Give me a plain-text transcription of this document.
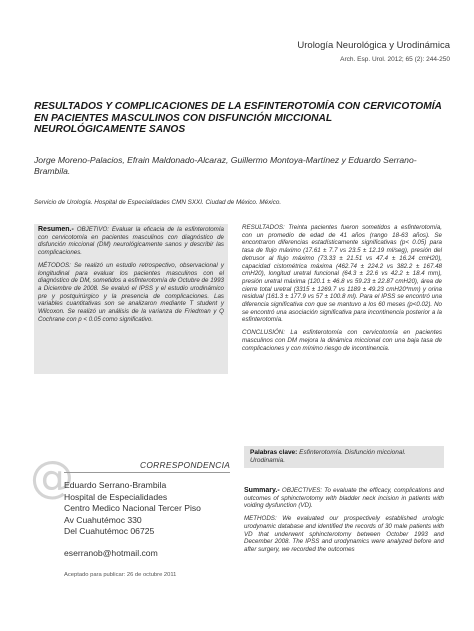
Urología Neurológica y Urodinámica
Arch. Esp. Urol. 2012; 65 (2): 244-250
RESULTADOS Y COMPLICACIONES DE LA ESFINTEROTOMÍA CON CERVICOTOMÍA EN PACIENTES MASCULINOS CON DISFUNCIÓN MICCIONAL NEUROLÓGICAMENTE SANOS
Jorge Moreno-Palacios, Efrain Maldonado-Alcaraz, Guillermo Montoya-Martínez y Eduardo Serrano-Brambila.
Servicio de Urología. Hospital de Especialidades CMN SXXI. Ciudad de México. México.

Resumen.- OBJETIVO: Evaluar la eficacia de la esfinterotomía con cervicotomía en pacientes masculinos con diagnóstico de disfunción miccional (DM) neurológicamente sanos y describir las complicaciones.

MÉTODOS: Se realizó un estudio retrospectivo, observacional y longitudinal para evaluar los pacientes masculinos con el diagnóstico de DM, sometidos a esfinterotomía de Octubre de 1993 a Diciembre de 2008. Se evaluó el IPSS y el estudio urodinámico pre y postquirúrgico y la presencia de complicaciones. Las variables cuantitativas son se analizaron mediante T student y Wilcoxon. Se realizó un análisis de la varianza de Friedman y Q Cochrane con p < 0.05 como significativo.

RESULTADOS: Treinta pacientes fueron sometidos a esfinterotomía, con un promedio de edad de 41 años (rango 18-63 años). Se encontraron diferencias estadísticamente significativas (p< 0.05) para tasa de flujo máximo (17.61 ± 7.7 vs 23.5 ± 12.19 ml/seg), presión del detrusor al flujo máximo (73.33 ± 21.51 vs 47.4 ± 16.24 cmH20), capacidad cistométrica máxima (462.74 ± 224.2 vs 382.2 ± 167.48 cmH20), longitud uretral funcional (64.3 ± 22.6 vs 42.2 ± 18.4 mm), presión uretral máxima (120.1 ± 46.8 vs 59.23 ± 22.87 cmH20), área de cierre total uretral (3315 ± 1269.7 vs 1189 ± 49.23 cmH20*mm) y orina residual (161.3 ± 177.9 vs 57 ± 100.8 ml). Para el IPSS se encontró una diferencia significativa con que se mantuvo a los 60 meses (p<0.02). No se encontró una asociación significativa para incontinencia posterior a la esfinterotomía.

CONCLUSIÓN: La esfinterotomía con cervicotomía en pacientes masculinos con DM mejora la dinámica miccional con una baja tasa de complicaciones y con mínimo riesgo de incontinencia.

@	CORRESPONDENCIA
Eduardo Serrano-Brambila
Hospital de Especialidades
Centro Medico Nacional Tercer Piso
Av Cuahutémoc 330
Del Cuahutémoc 06725
eserranob@hotmail.com
Aceptado para publicar: 26 de octubre 2011
Palabras clave: Esfinterotomía. Disfunción miccional. Urodinamia.

Summary.- OBJECTIVES: To evaluate the efficacy, complications and outcomes of sphincterotomy with bladder neck incision in patients with voiding dysfunction (VD).

METHODS: We evaluated our prospectively established urologic urodynamic database and identified the records of 30 male patients with VD that underwent sphincterotomy between October 1993 and December 2008. The IPSS and urodynamics were analyzed before and after surgery, we recorded the outcomes
